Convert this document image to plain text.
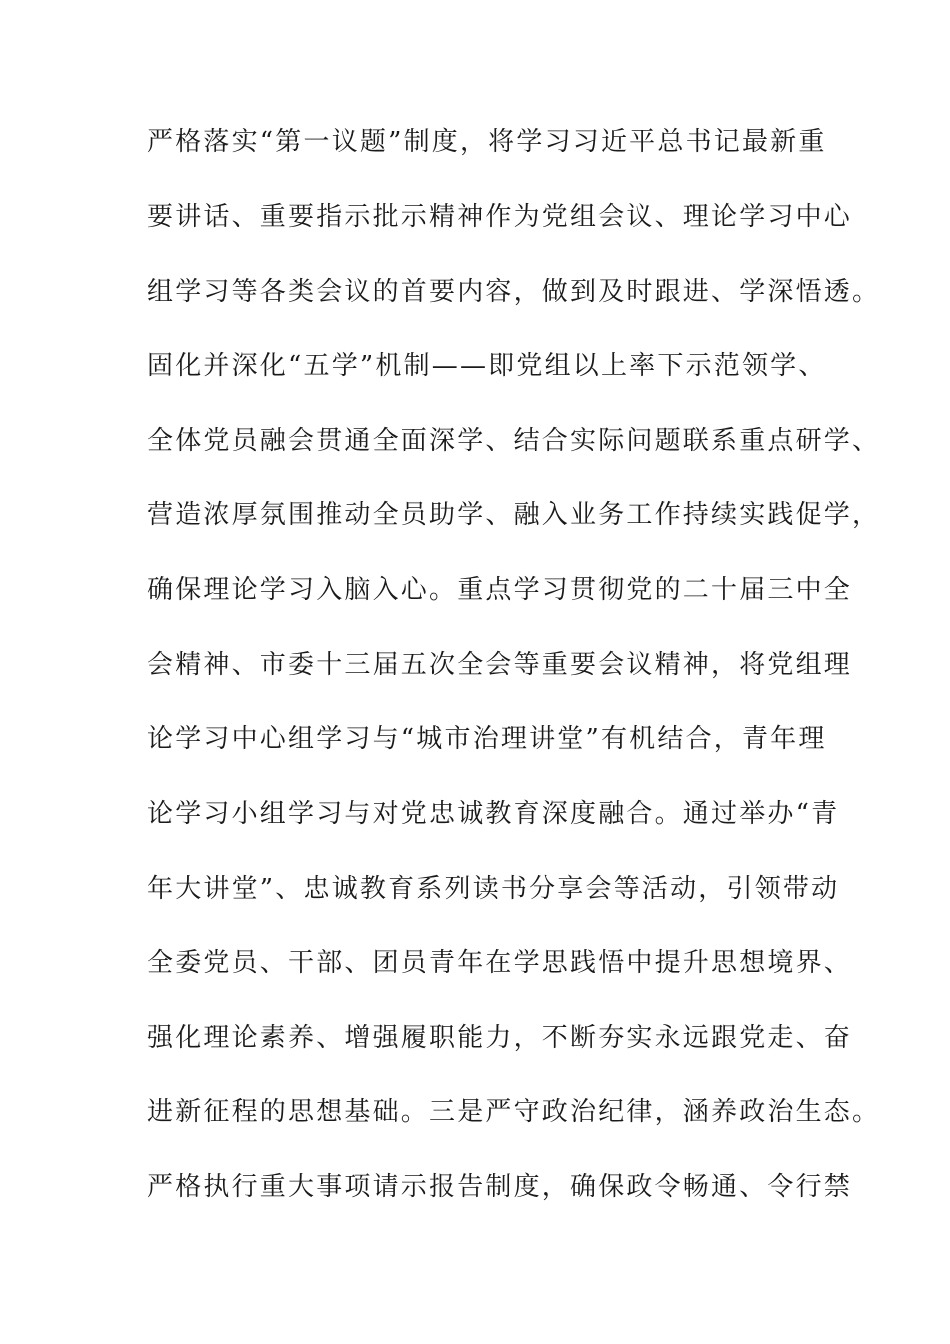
严格落实“第一议题”制度，将学习习近平总书记最新重
要讲话、重要指示批示精神作为党组会议、理论学习中心
组学习等各类会议的首要内容，做到及时跟进、学深悟透。
固化并深化“五学”机制——即党组以上率下示范领学、
全体党员融会贯通全面深学、结合实际问题联系重点研学、
营造浓厚氛围推动全员助学、融入业务工作持续实践促学，
确保理论学习入脑入心。重点学习贯彻党的二十届三中全
会精神、市委十三届五次全会等重要会议精神，将党组理
论学习中心组学习与“城市治理讲堂”有机结合，青年理
论学习小组学习与对党忠诚教育深度融合。通过举办“青
年大讲堂”、忠诚教育系列读书分享会等活动，引领带动
全委党员、干部、团员青年在学思践悟中提升思想境界、
强化理论素养、增强履职能力，不断夯实永远跟党走、奋
进新征程的思想基础。三是严守政治纪律，涵养政治生态。
严格执行重大事项请示报告制度，确保政令畅通、令行禁
